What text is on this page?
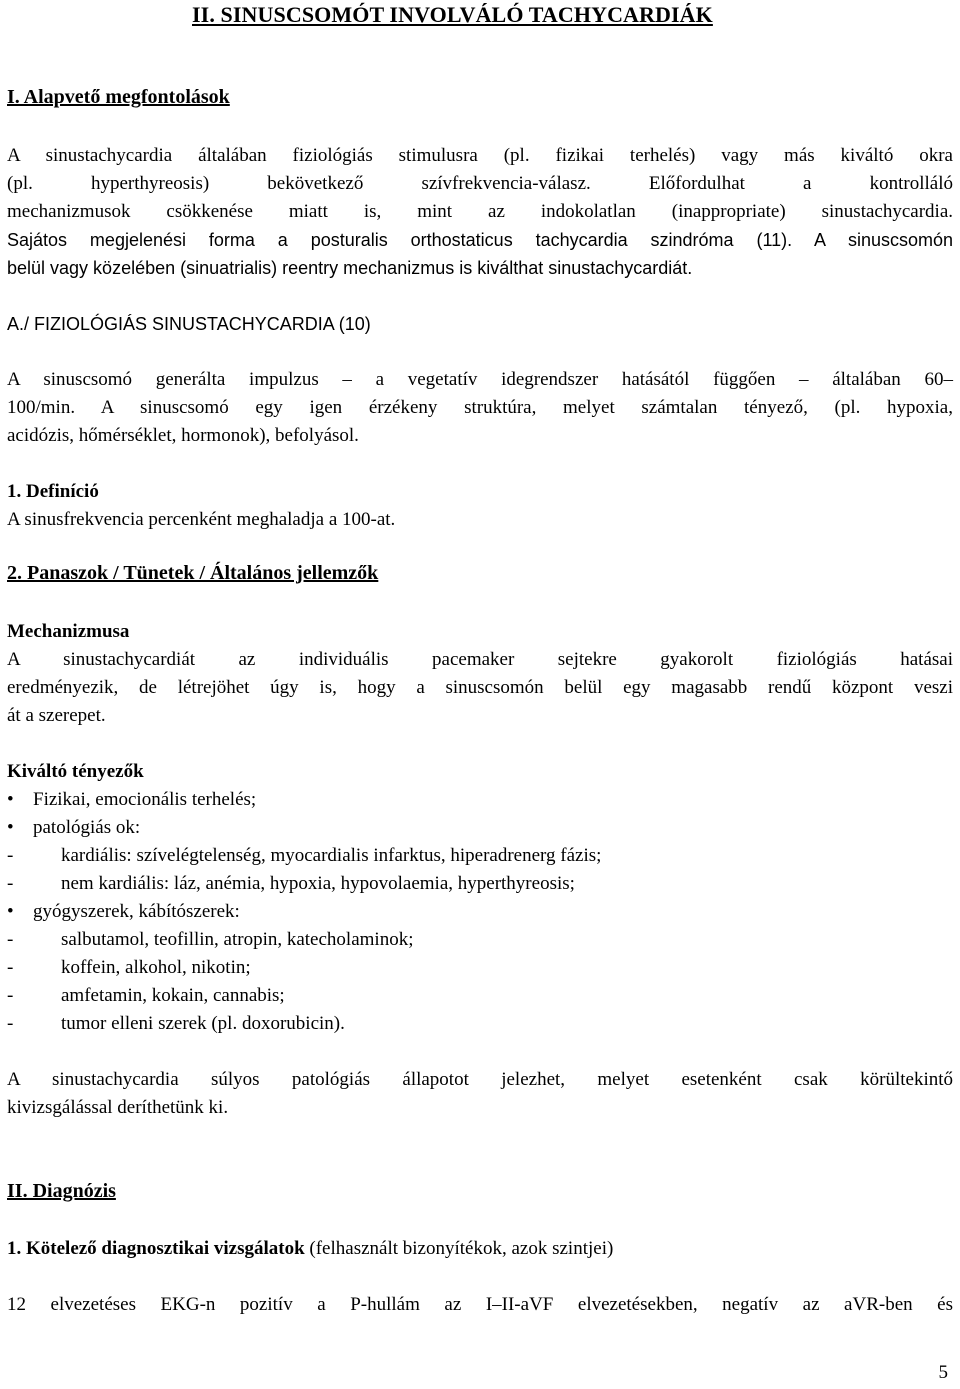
II. SINUSCSOMÓT INVOLVÁLÓ TACHYCARDIÁK
I. Alapvető megfontolások
A sinustachycardia általában fiziológiás stimulusra (pl. fizikai terhelés) vagy más kiváltó okra
(pl. hyperthyreosis) bekövetkező szívfrekvencia-válasz. Előfordulhat a kontrolláló
mechanizmusok csökkenése miatt is, mint az indokolatlan (inappropriate) sinustachycardia.
Sajátos megjelenési forma a posturalis orthostaticus tachycardia szindróma (11). A sinuscsomón
belül vagy közelében (sinuatrialis) reentry mechanizmus is kiválthat sinustachycardiát.
A./ FIZIOLÓGIÁS SINUSTACHYCARDIA (10)
A sinuscsomó generálta impulzus – a vegetatív idegrendszer hatásától függően – általában 60–
100/min. A sinuscsomó egy igen érzékeny struktúra, melyet számtalan tényező, (pl. hypoxia,
acidózis, hőmérséklet, hormonok), befolyásol.
1. Definíció
A sinusfrekvencia percenként meghaladja a 100-at.
2. Panaszok / Tünetek / Általános jellemzők
Mechanizmusa
A sinustachycardiát az individuális pacemaker sejtekre gyakorolt fiziológiás hatásai
eredményezik, de létrejöhet úgy is, hogy a sinuscsomón belül egy magasabb rendű központ veszi
át a szerepet.
Kiváltó tényezők
• Fizikai, emocionális terhelés;
• patológiás ok:
-	kardiális: szívelégtelenség, myocardialis infarktus, hiperadrenerg fázis;
-	nem kardiális: láz, anémia, hypoxia, hypovolaemia, hyperthyreosis;
• gyógyszerek, kábítószerek:
-	salbutamol, teofillin, atropin, katecholaminok;
-	koffein, alkohol, nikotin;
-	amfetamin, kokain, cannabis;
-	tumor elleni szerek (pl. doxorubicin).
A sinustachycardia súlyos patológiás állapotot jelezhet, melyet esetenként csak körültekintő
kivizsgálással deríthetünk ki.
II. Diagnózis
1. Kötelező diagnosztikai vizsgálatok (felhasznált bizonyítékok, azok szintjei)
12 elvezetéses EKG-n pozitív a P-hullám az I–II-aVF elvezetésekben, negatív az aVR-ben és
5
